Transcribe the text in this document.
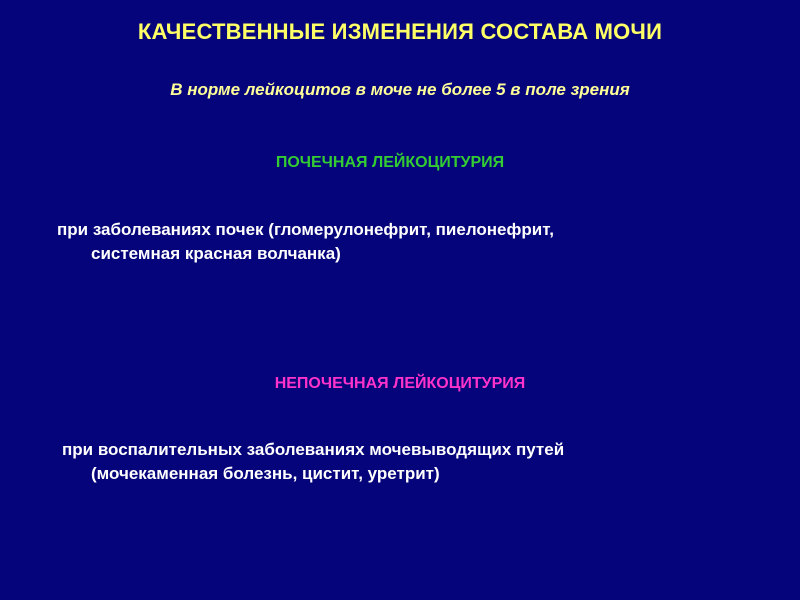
КАЧЕСТВЕННЫЕ ИЗМЕНЕНИЯ СОСТАВА МОЧИ
В норме лейкоцитов в моче не более 5 в поле зрения
ПОЧЕЧНАЯ ЛЕЙКОЦИТУРИЯ
при заболеваниях почек (гломерулонефрит, пиелонефрит,
системная красная волчанка)
НЕПОЧЕЧНАЯ ЛЕЙКОЦИТУРИЯ
при воспалительных заболеваниях мочевыводящих путей
(мочекаменная болезнь, цистит, уретрит)
